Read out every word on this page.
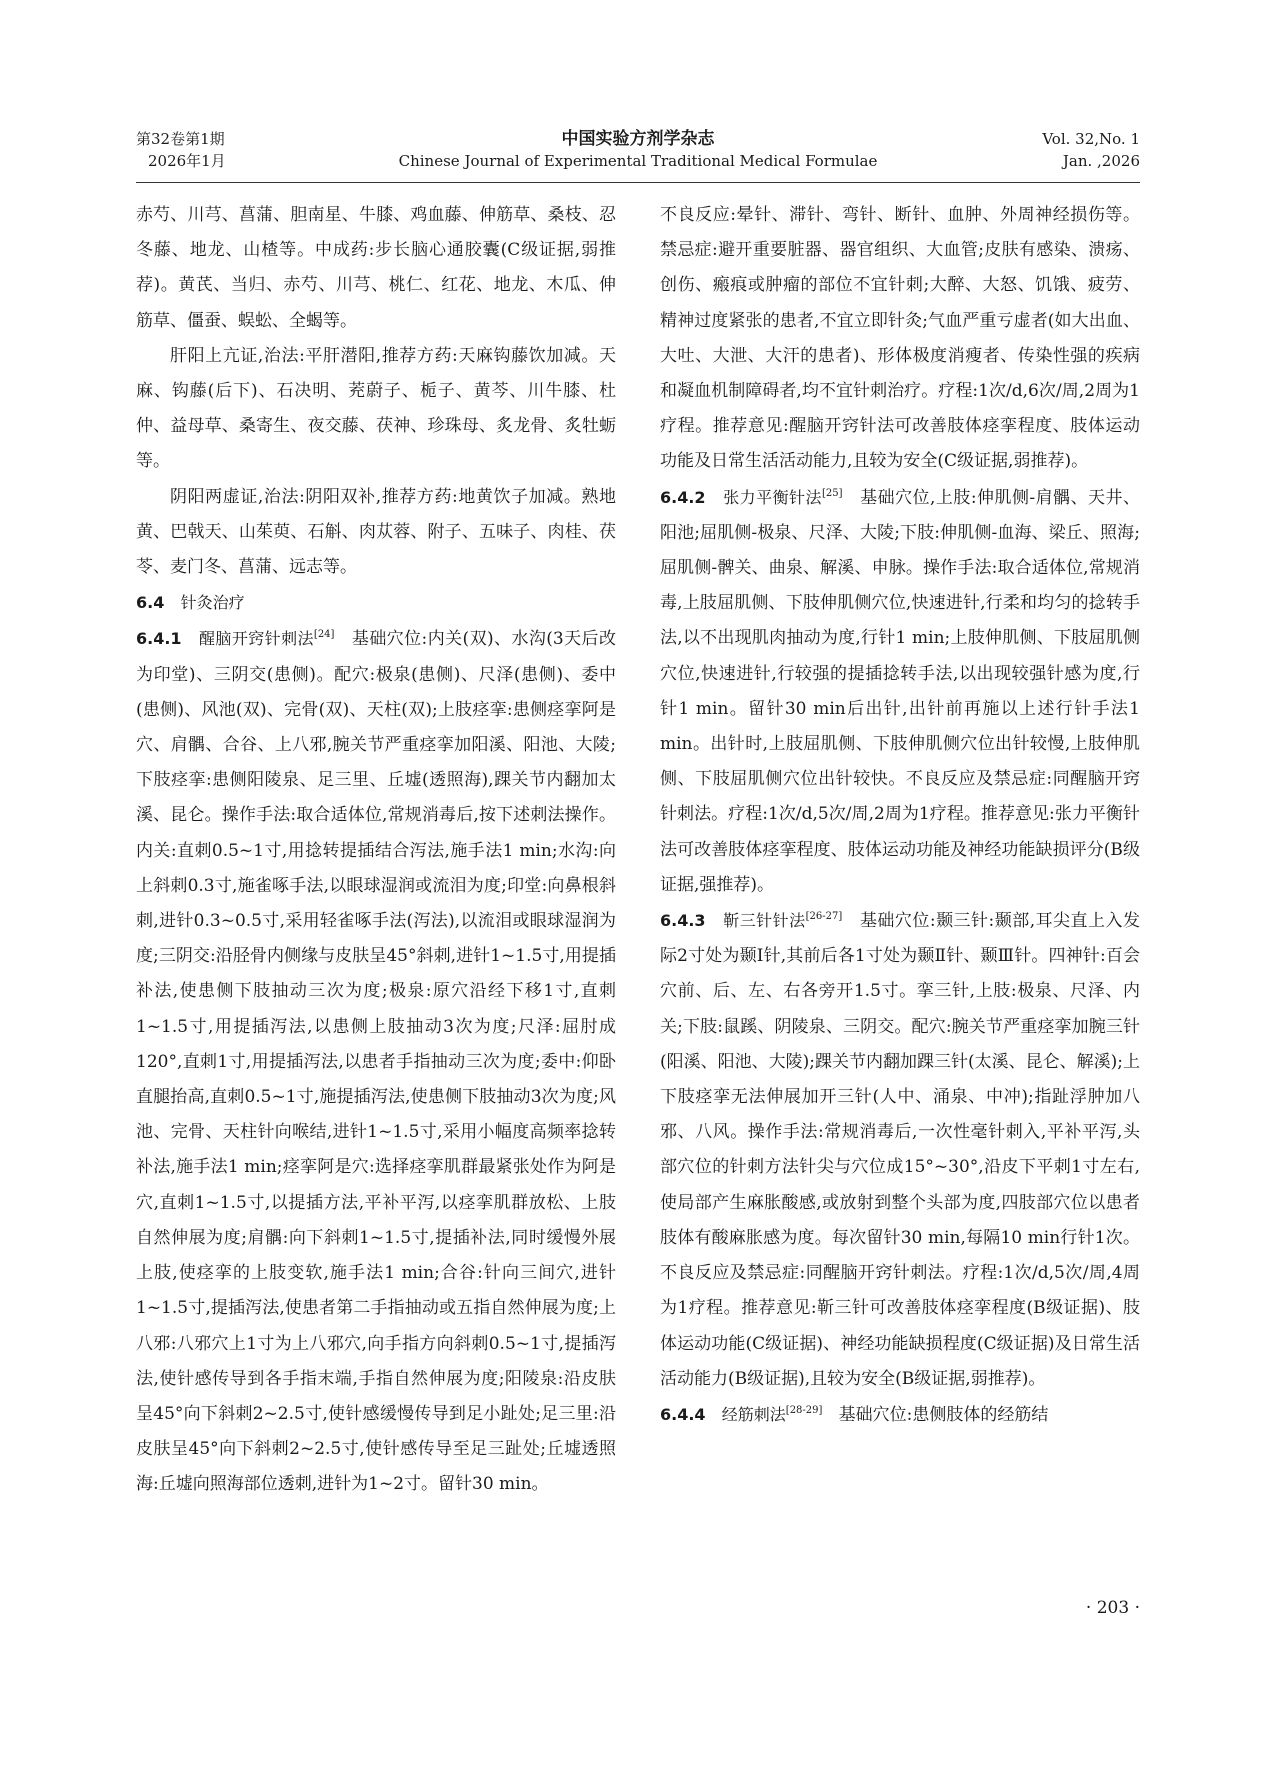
第32卷第1期
2026年1月
中国实验方剂学杂志
Chinese Journal of Experimental Traditional Medical Formulae
Vol. 32,No. 1
Jan. ,2026

赤芍、川芎、菖蒲、胆南星、牛膝、鸡血藤、伸筋草、桑枝、忍冬藤、地龙、山楂等。中成药:步长脑心通胶囊(C级证据,弱推荐)。黄芪、当归、赤芍、川芎、桃仁、红花、地龙、木瓜、伸筋草、僵蚕、蜈蚣、全蝎等。

肝阳上亢证,治法:平肝潜阳,推荐方药:天麻钩藤饮加减。天麻、钩藤(后下)、石决明、茺蔚子、栀子、黄芩、川牛膝、杜仲、益母草、桑寄生、夜交藤、茯神、珍珠母、炙龙骨、炙牡蛎等。

阴阳两虚证,治法:阴阳双补,推荐方药:地黄饮子加减。熟地黄、巴戟天、山茱萸、石斛、肉苁蓉、附子、五味子、肉桂、茯苓、麦门冬、菖蒲、远志等。

6.4 针灸治疗

6.4.1 醒脑开窍针刺法[24] 基础穴位:内关(双)、水沟(3天后改为印堂)、三阴交(患侧)。配穴:极泉(患侧)、尺泽(患侧)、委中(患侧)、风池(双)、完骨(双)、天柱(双);上肢痉挛:患侧痉挛阿是穴、肩髃、合谷、上八邪,腕关节严重痉挛加阳溪、阳池、大陵;下肢痉挛:患侧阳陵泉、足三里、丘墟(透照海),踝关节内翻加太溪、昆仑。操作手法:取合适体位,常规消毒后,按下述刺法操作。内关:直刺0.5~1寸,用捻转提插结合泻法,施手法1 min;水沟:向上斜刺0.3寸,施雀啄手法,以眼球湿润或流泪为度;印堂:向鼻根斜刺,进针0.3~0.5寸,采用轻雀啄手法(泻法),以流泪或眼球湿润为度;三阴交:沿胫骨内侧缘与皮肤呈45°斜刺,进针1~1.5寸,用提插补法,使患侧下肢抽动三次为度;极泉:原穴沿经下移1寸,直刺1~1.5寸,用提插泻法,以患侧上肢抽动3次为度;尺泽:屈肘成120°,直刺1寸,用提插泻法,以患者手指抽动三次为度;委中:仰卧直腿抬高,直刺0.5~1寸,施提插泻法,使患侧下肢抽动3次为度;风池、完骨、天柱针向喉结,进针1~1.5寸,采用小幅度高频率捻转补法,施手法1 min;痉挛阿是穴:选择痉挛肌群最紧张处作为阿是穴,直刺1~1.5寸,以提插方法,平补平泻,以痉挛肌群放松、上肢自然伸展为度;肩髃:向下斜刺1~1.5寸,提插补法,同时缓慢外展上肢,使痉挛的上肢变软,施手法1 min;合谷:针向三间穴,进针1~1.5寸,提插泻法,使患者第二手指抽动或五指自然伸展为度;上八邪:八邪穴上1寸为上八邪穴,向手指方向斜刺0.5~1寸,提插泻法,使针感传导到各手指末端,手指自然伸展为度;阳陵泉:沿皮肤呈45°向下斜刺2~2.5寸,使针感缓慢传导到足小趾处;足三里:沿皮肤呈45°向下斜刺2~2.5寸,使针感传导至足三趾处;丘墟透照海:丘墟向照海部位透刺,进针为1~2寸。留针30 min。

不良反应:晕针、滞针、弯针、断针、血肿、外周神经损伤等。禁忌症:避开重要脏器、器官组织、大血管;皮肤有感染、溃疡、创伤、瘢痕或肿瘤的部位不宜针刺;大醉、大怒、饥饿、疲劳、精神过度紧张的患者,不宜立即针灸;气血严重亏虚者(如大出血、大吐、大泄、大汗的患者)、形体极度消瘦者、传染性强的疾病和凝血机制障碍者,均不宜针刺治疗。疗程:1次/d,6次/周,2周为1疗程。推荐意见:醒脑开窍针法可改善肢体痉挛程度、肢体运动功能及日常生活活动能力,且较为安全(C级证据,弱推荐)。

6.4.2 张力平衡针法[25] 基础穴位,上肢:伸肌侧-肩髃、天井、阳池;屈肌侧-极泉、尺泽、大陵;下肢:伸肌侧-血海、梁丘、照海;屈肌侧-髀关、曲泉、解溪、申脉。操作手法:取合适体位,常规消毒,上肢屈肌侧、下肢伸肌侧穴位,快速进针,行柔和均匀的捻转手法,以不出现肌肉抽动为度,行针1 min;上肢伸肌侧、下肢屈肌侧穴位,快速进针,行较强的提插捻转手法,以出现较强针感为度,行针1 min。留针30 min后出针,出针前再施以上述行针手法1 min。出针时,上肢屈肌侧、下肢伸肌侧穴位出针较慢,上肢伸肌侧、下肢屈肌侧穴位出针较快。不良反应及禁忌症:同醒脑开窍针刺法。疗程:1次/d,5次/周,2周为1疗程。推荐意见:张力平衡针法可改善肢体痉挛程度、肢体运动功能及神经功能缺损评分(B级证据,强推荐)。

6.4.3 靳三针针法[26-27] 基础穴位:颞三针:颞部,耳尖直上入发际2寸处为颞Ⅰ针,其前后各1寸处为颞Ⅱ针、颞Ⅲ针。四神针:百会穴前、后、左、右各旁开1.5寸。挛三针,上肢:极泉、尺泽、内关;下肢:鼠蹊、阴陵泉、三阴交。配穴:腕关节严重痉挛加腕三针(阳溪、阳池、大陵);踝关节内翻加踝三针(太溪、昆仑、解溪);上下肢痉挛无法伸展加开三针(人中、涌泉、中冲);指趾浮肿加八邪、八风。操作手法:常规消毒后,一次性毫针刺入,平补平泻,头部穴位的针刺方法针尖与穴位成15°~30°,沿皮下平刺1寸左右,使局部产生麻胀酸感,或放射到整个头部为度,四肢部穴位以患者肢体有酸麻胀感为度。每次留针30 min,每隔10 min行针1次。不良反应及禁忌症:同醒脑开窍针刺法。疗程:1次/d,5次/周,4周为1疗程。推荐意见:靳三针可改善肢体痉挛程度(B级证据)、肢体运动功能(C级证据)、神经功能缺损程度(C级证据)及日常生活活动能力(B级证据),且较为安全(B级证据,弱推荐)。

6.4.4 经筋刺法[28-29] 基础穴位:患侧肢体的经筋结

· 203 ·
